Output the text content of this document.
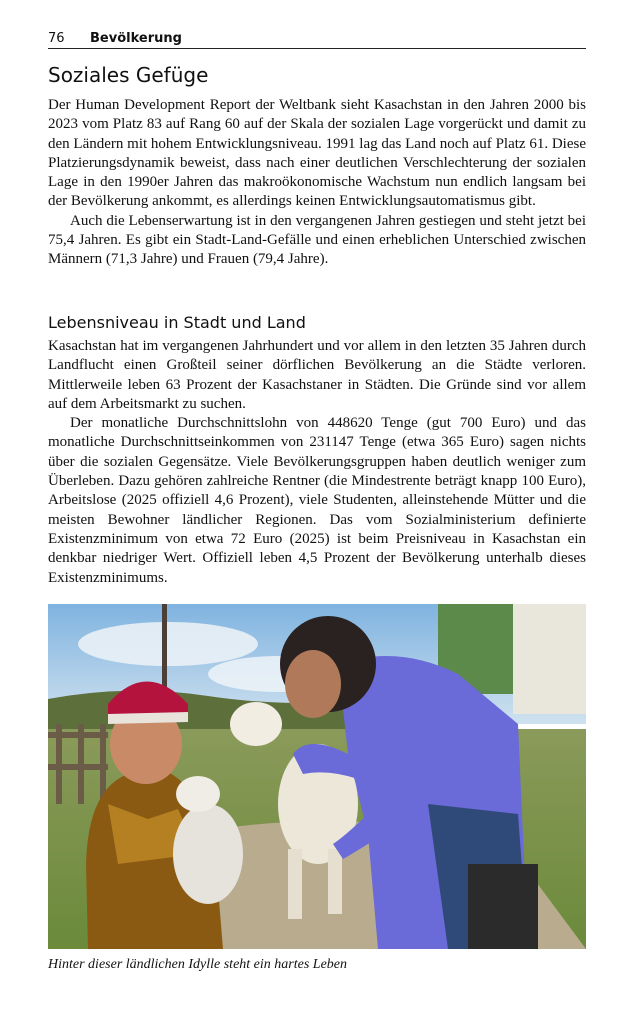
76 Bevölkerung
Soziales Gefüge

Der Human Development Report der Weltbank sieht Kasachstan in den Jahren 2000 bis 2023 vom Platz 83 auf Rang 60 auf der Skala der sozialen Lage vorgerückt und damit zu den Ländern mit hohem Entwicklungsniveau. 1991 lag das Land noch auf Platz 61. Diese Platzierungsdynamik beweist, dass nach einer deutlichen Verschlechterung der sozialen Lage in den 1990er Jahren das makroökonomische Wachstum nun endlich langsam bei der Bevölkerung ankommt, es allerdings keinen Entwicklungsautomatismus gibt.

Auch die Lebenserwartung ist in den vergangenen Jahren gestiegen und steht jetzt bei 75,4 Jahren. Es gibt ein Stadt-Land-Gefälle und einen erheblichen Unterschied zwischen Männern (71,3 Jahre) und Frauen (79,4 Jahre).

Lebensniveau in Stadt und Land

Kasachstan hat im vergangenen Jahrhundert und vor allem in den letzten 35 Jahren durch Landflucht einen Großteil seiner dörflichen Bevölkerung an die Städte verloren. Mittlerweile leben 63 Prozent der Kasachstaner in Städten. Die Gründe sind vor allem auf dem Arbeitsmarkt zu suchen.

Der monatliche Durchschnittslohn von 448620 Tenge (gut 700 Euro) und das monatliche Durchschnittseinkommen von 231147 Tenge (etwa 365 Euro) sagen nichts über die sozialen Gegensätze. Viele Bevölkerungsgruppen haben deutlich weniger zum Überleben. Dazu gehören zahlreiche Rentner (die Mindestrente beträgt knapp 100 Euro), Arbeitslose (2025 offiziell 4,6 Prozent), viele Studenten, alleinstehende Mütter und die meisten Bewohner ländlicher Regionen. Das vom Sozialministerium definierte Existenzminimum von etwa 72 Euro (2025) ist beim Preisniveau in Kasachstan ein denkbar niedriger Wert. Offiziell leben 4,5 Prozent der Bevölkerung unterhalb dieses Existenzminimums.

Hinter dieser ländlichen Idylle steht ein hartes Leben
